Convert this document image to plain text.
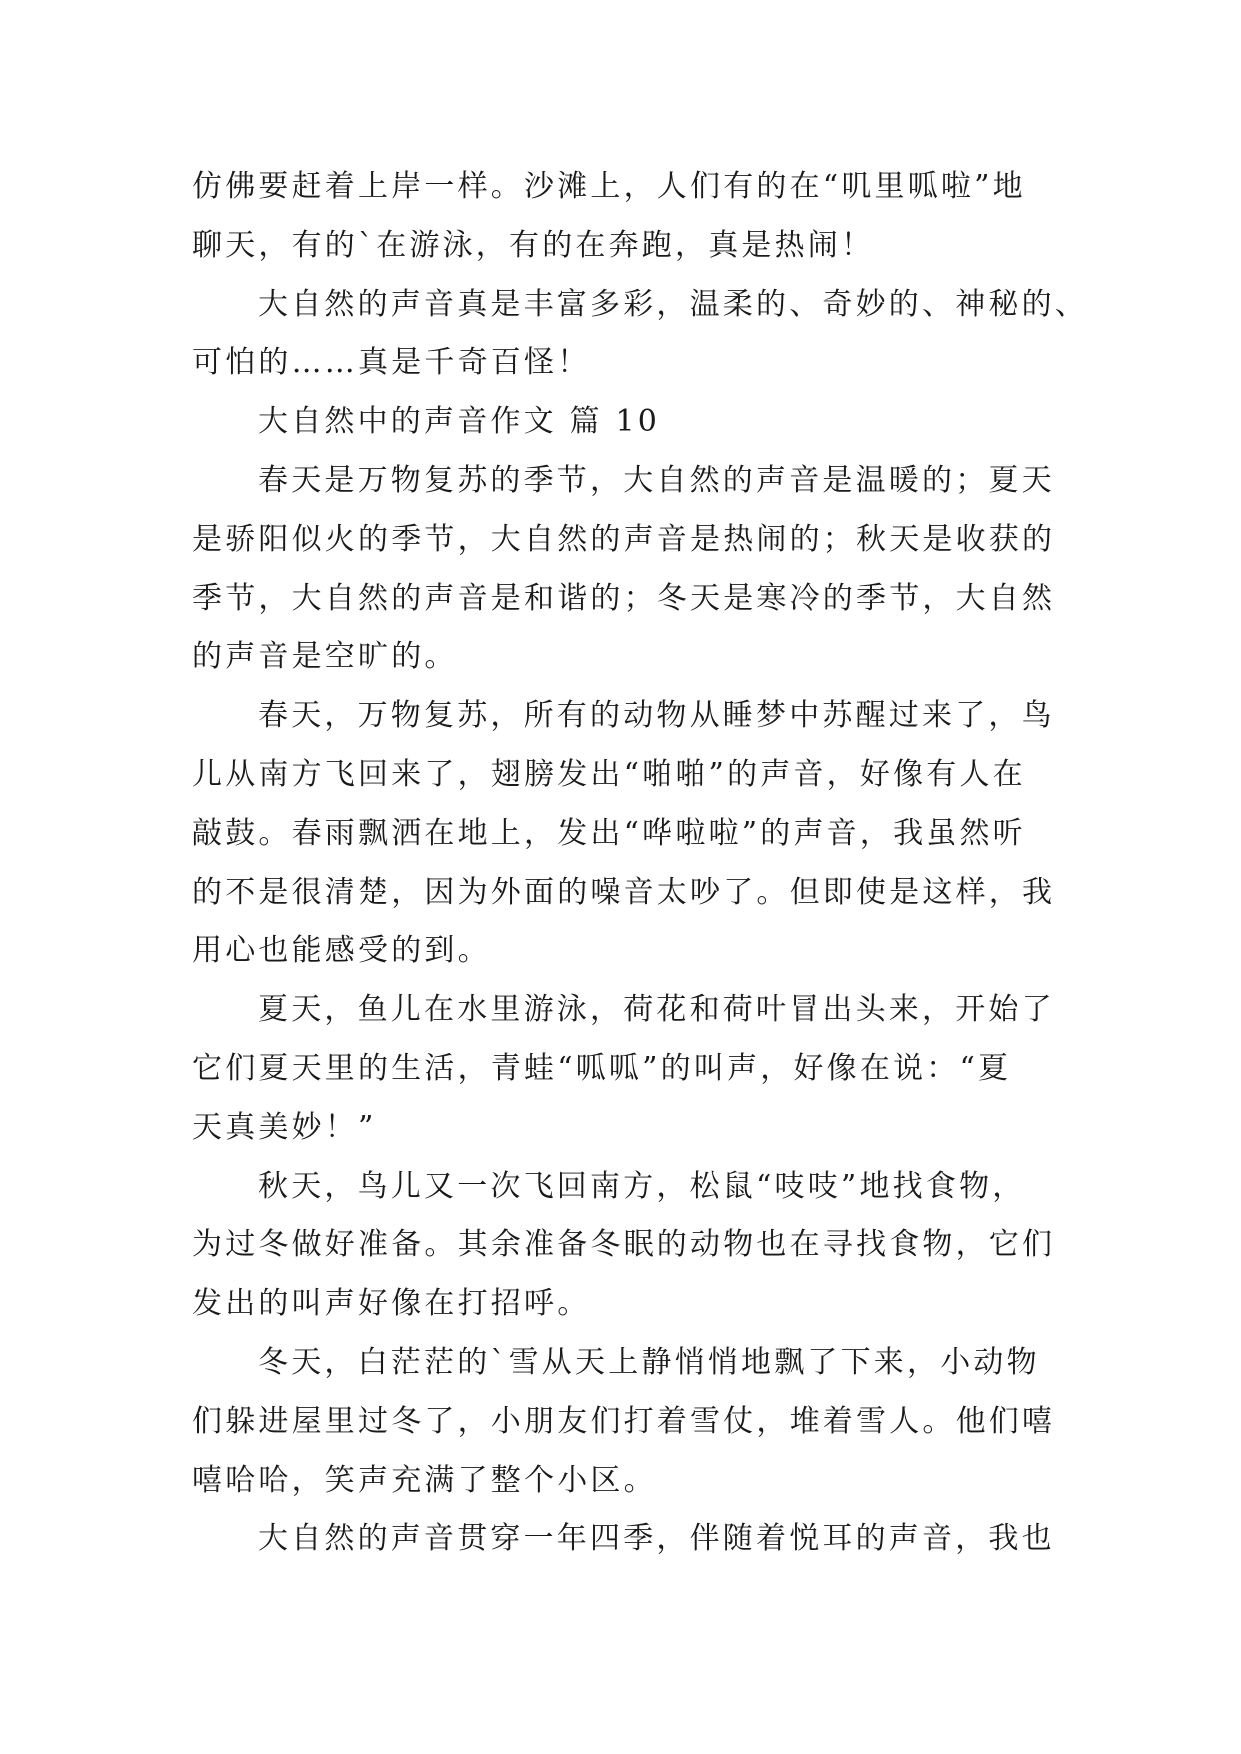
仿佛要赶着上岸一样。沙滩上，人们有的在“叽里呱啦”地
聊天，有的`在游泳，有的在奔跑，真是热闹！
大自然的声音真是丰富多彩，温柔的、奇妙的、神秘的、
可怕的……真是千奇百怪！
大自然中的声音作文 篇 10
春天是万物复苏的季节，大自然的声音是温暖的；夏天
是骄阳似火的季节，大自然的声音是热闹的；秋天是收获的
季节，大自然的声音是和谐的；冬天是寒冷的季节，大自然
的声音是空旷的。
春天，万物复苏，所有的动物从睡梦中苏醒过来了，鸟
儿从南方飞回来了，翅膀发出“啪啪”的声音，好像有人在
敲鼓。春雨飘洒在地上，发出“哗啦啦”的声音，我虽然听
的不是很清楚，因为外面的噪音太吵了。但即使是这样，我
用心也能感受的到。
夏天，鱼儿在水里游泳，荷花和荷叶冒出头来，开始了
它们夏天里的生活，青蛙“呱呱”的叫声，好像在说：“夏
天真美妙！”
秋天，鸟儿又一次飞回南方，松鼠“吱吱”地找食物，
为过冬做好准备。其余准备冬眠的动物也在寻找食物，它们
发出的叫声好像在打招呼。
冬天，白茫茫的`雪从天上静悄悄地飘了下来，小动物
们躲进屋里过冬了，小朋友们打着雪仗，堆着雪人。他们嘻
嘻哈哈，笑声充满了整个小区。
大自然的声音贯穿一年四季，伴随着悦耳的声音，我也
